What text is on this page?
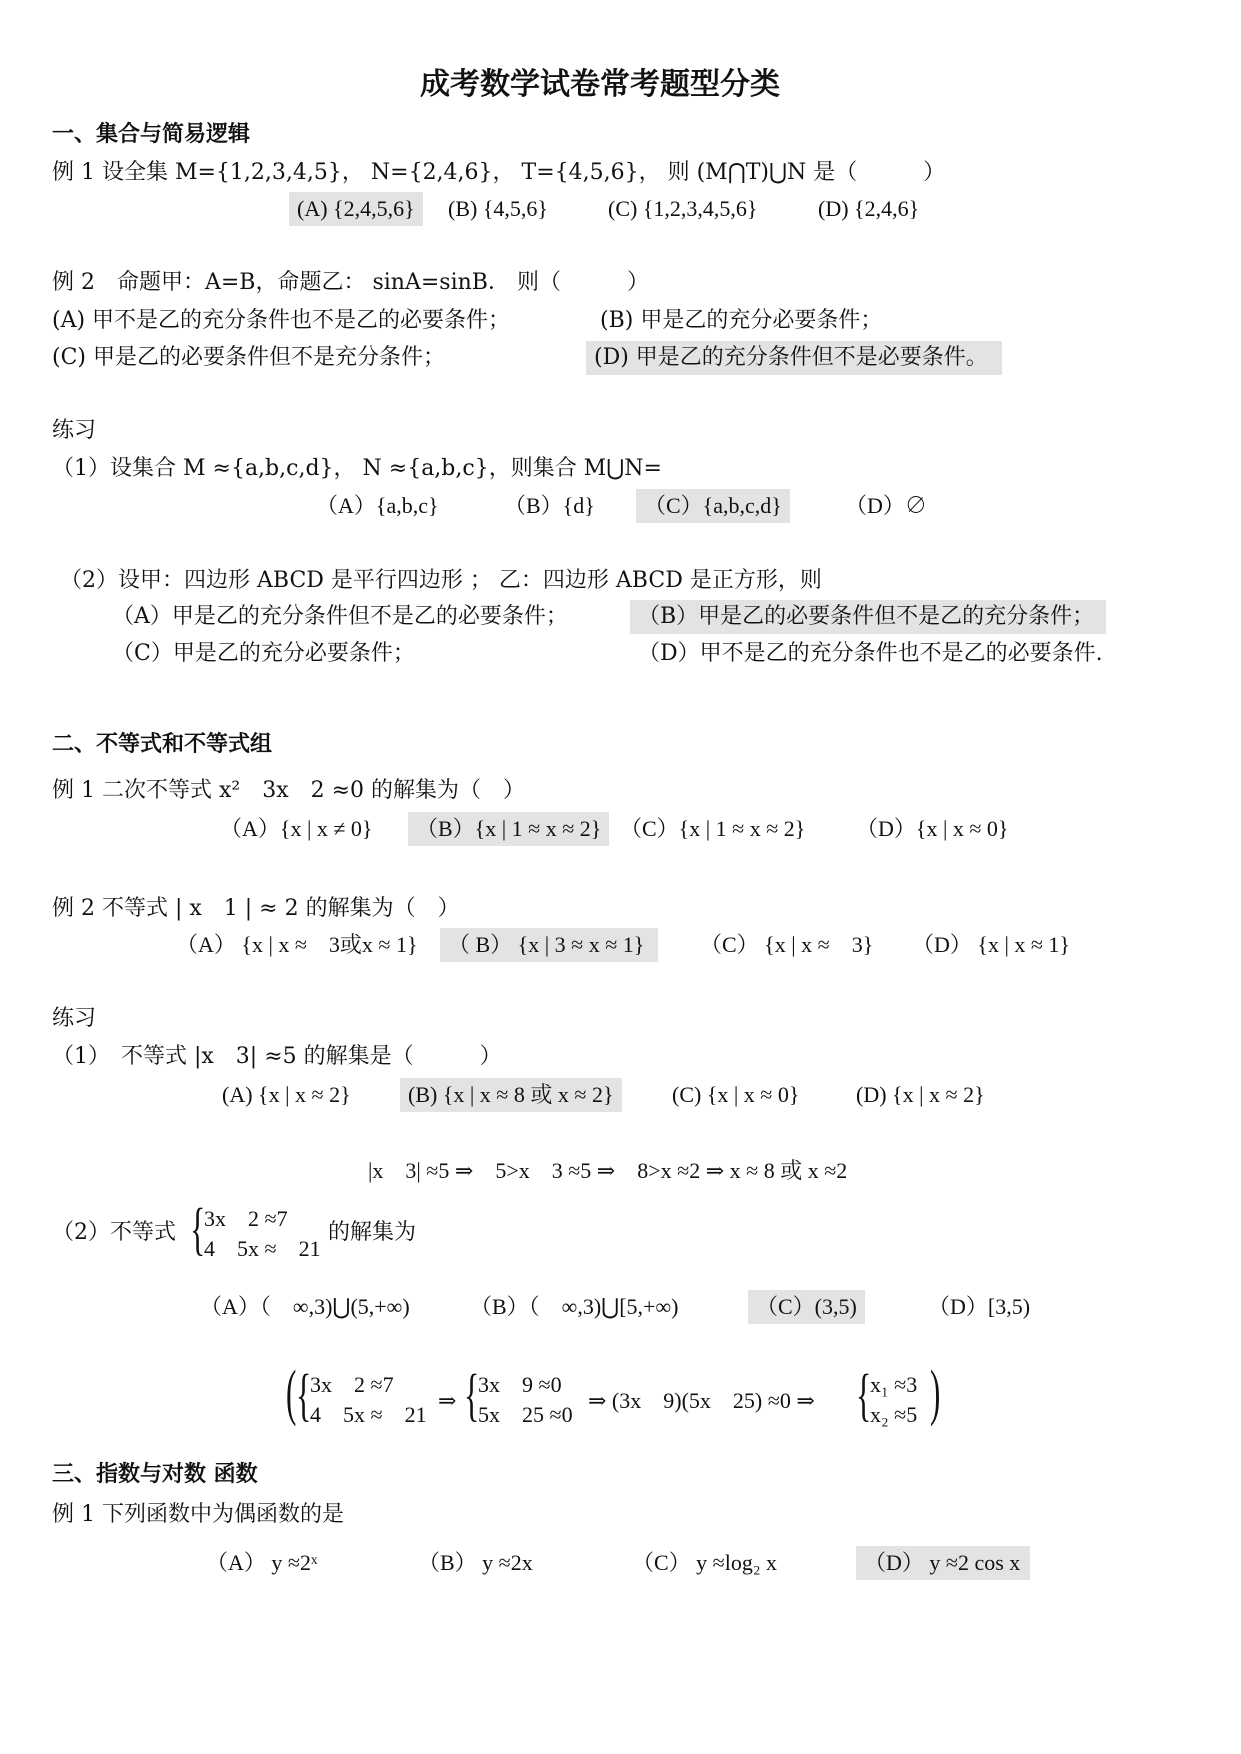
成考数学试卷常考题型分类
一、集合与简易逻辑
例 1 设全集 M={1,2,3,4,5}， N={2,4,6}， T={4,5,6}， 则 (M⋂T)⋃N 是（　　　）
(A) {2,4,5,6}	(B) {4,5,6}	(C) {1,2,3,4,5,6}	(D) {2,4,6}
例 2　命题甲：A=B，命题乙： sinA=sinB． 则（　　　）
(A) 甲不是乙的充分条件也不是乙的必要条件；	(B) 甲是乙的充分必要条件；
(C) 甲是乙的必要条件但不是充分条件；	(D) 甲是乙的充分条件但不是必要条件。
练习
（1）设集合 M ≈{a,b,c,d}， N ≈{a,b,c}，则集合 M⋃N=
（A）{a,b,c}	（B）{d}	（C）{a,b,c,d}	（D）∅
（2）设甲：四边形 ABCD 是平行四边形 ； 乙：四边形 ABCD 是正方形，则
（A）甲是乙的充分条件但不是乙的必要条件；	（B）甲是乙的必要条件但不是乙的充分条件；
（C）甲是乙的充分必要条件；	（D）甲不是乙的充分条件也不是乙的必要条件.
二、不等式和不等式组
例 1 二次不等式 x²　3x　2 ≈0 的解集为（　）
（A）{x | x ≠ 0}	（B）{x | 1 ≈ x ≈ 2} （C）{x | 1 ≈ x ≈ 2} （D）{x | x ≈ 0}
例 2 不等式 | x　1 | ≈ 2 的解集为（　）
（A） {x | x ≈　3或x ≈ 1}	（ B） {x | 3 ≈ x ≈ 1}	（C） {x | x ≈　3} （D） {x | x ≈ 1}
练习
（1）　不等式 |x　3| ≈5 的解集是（　　　）
(A) {x | x ≈ 2}	(B) {x | x ≈ 8 或 x ≈ 2}	(C) {x | x ≈ 0}	(D) {x | x ≈ 2}
|x　3| ≈5 ⇒　5>x　3 ≈5 ⇒　8>x ≈2 ⇒ x ≈ 8 或 x ≈2
（2）不等式 {
3x　2 ≈7
4　5x ≈　21
的解集为
（A）（　∞,3)⋃(5,+∞)	（B）（　∞,3)⋃[5,+∞)	（C）(3,5)	（D）[3,5)
( {
3x　2 ≈7
4　5x ≈　21
⇒ {
3x　9 ≈0
5x　25 ≈0
⇒ (3x　9)(5x　25) ≈0 ⇒ {
x₁ ≈3
x₂ ≈5 )
三、指数与对数 函数
例 1 下列函数中为偶函数的是
（A） y ≈2ˣ	（B） y ≈2x	（C） y ≈log₂ x	（D） y ≈2 cos x
